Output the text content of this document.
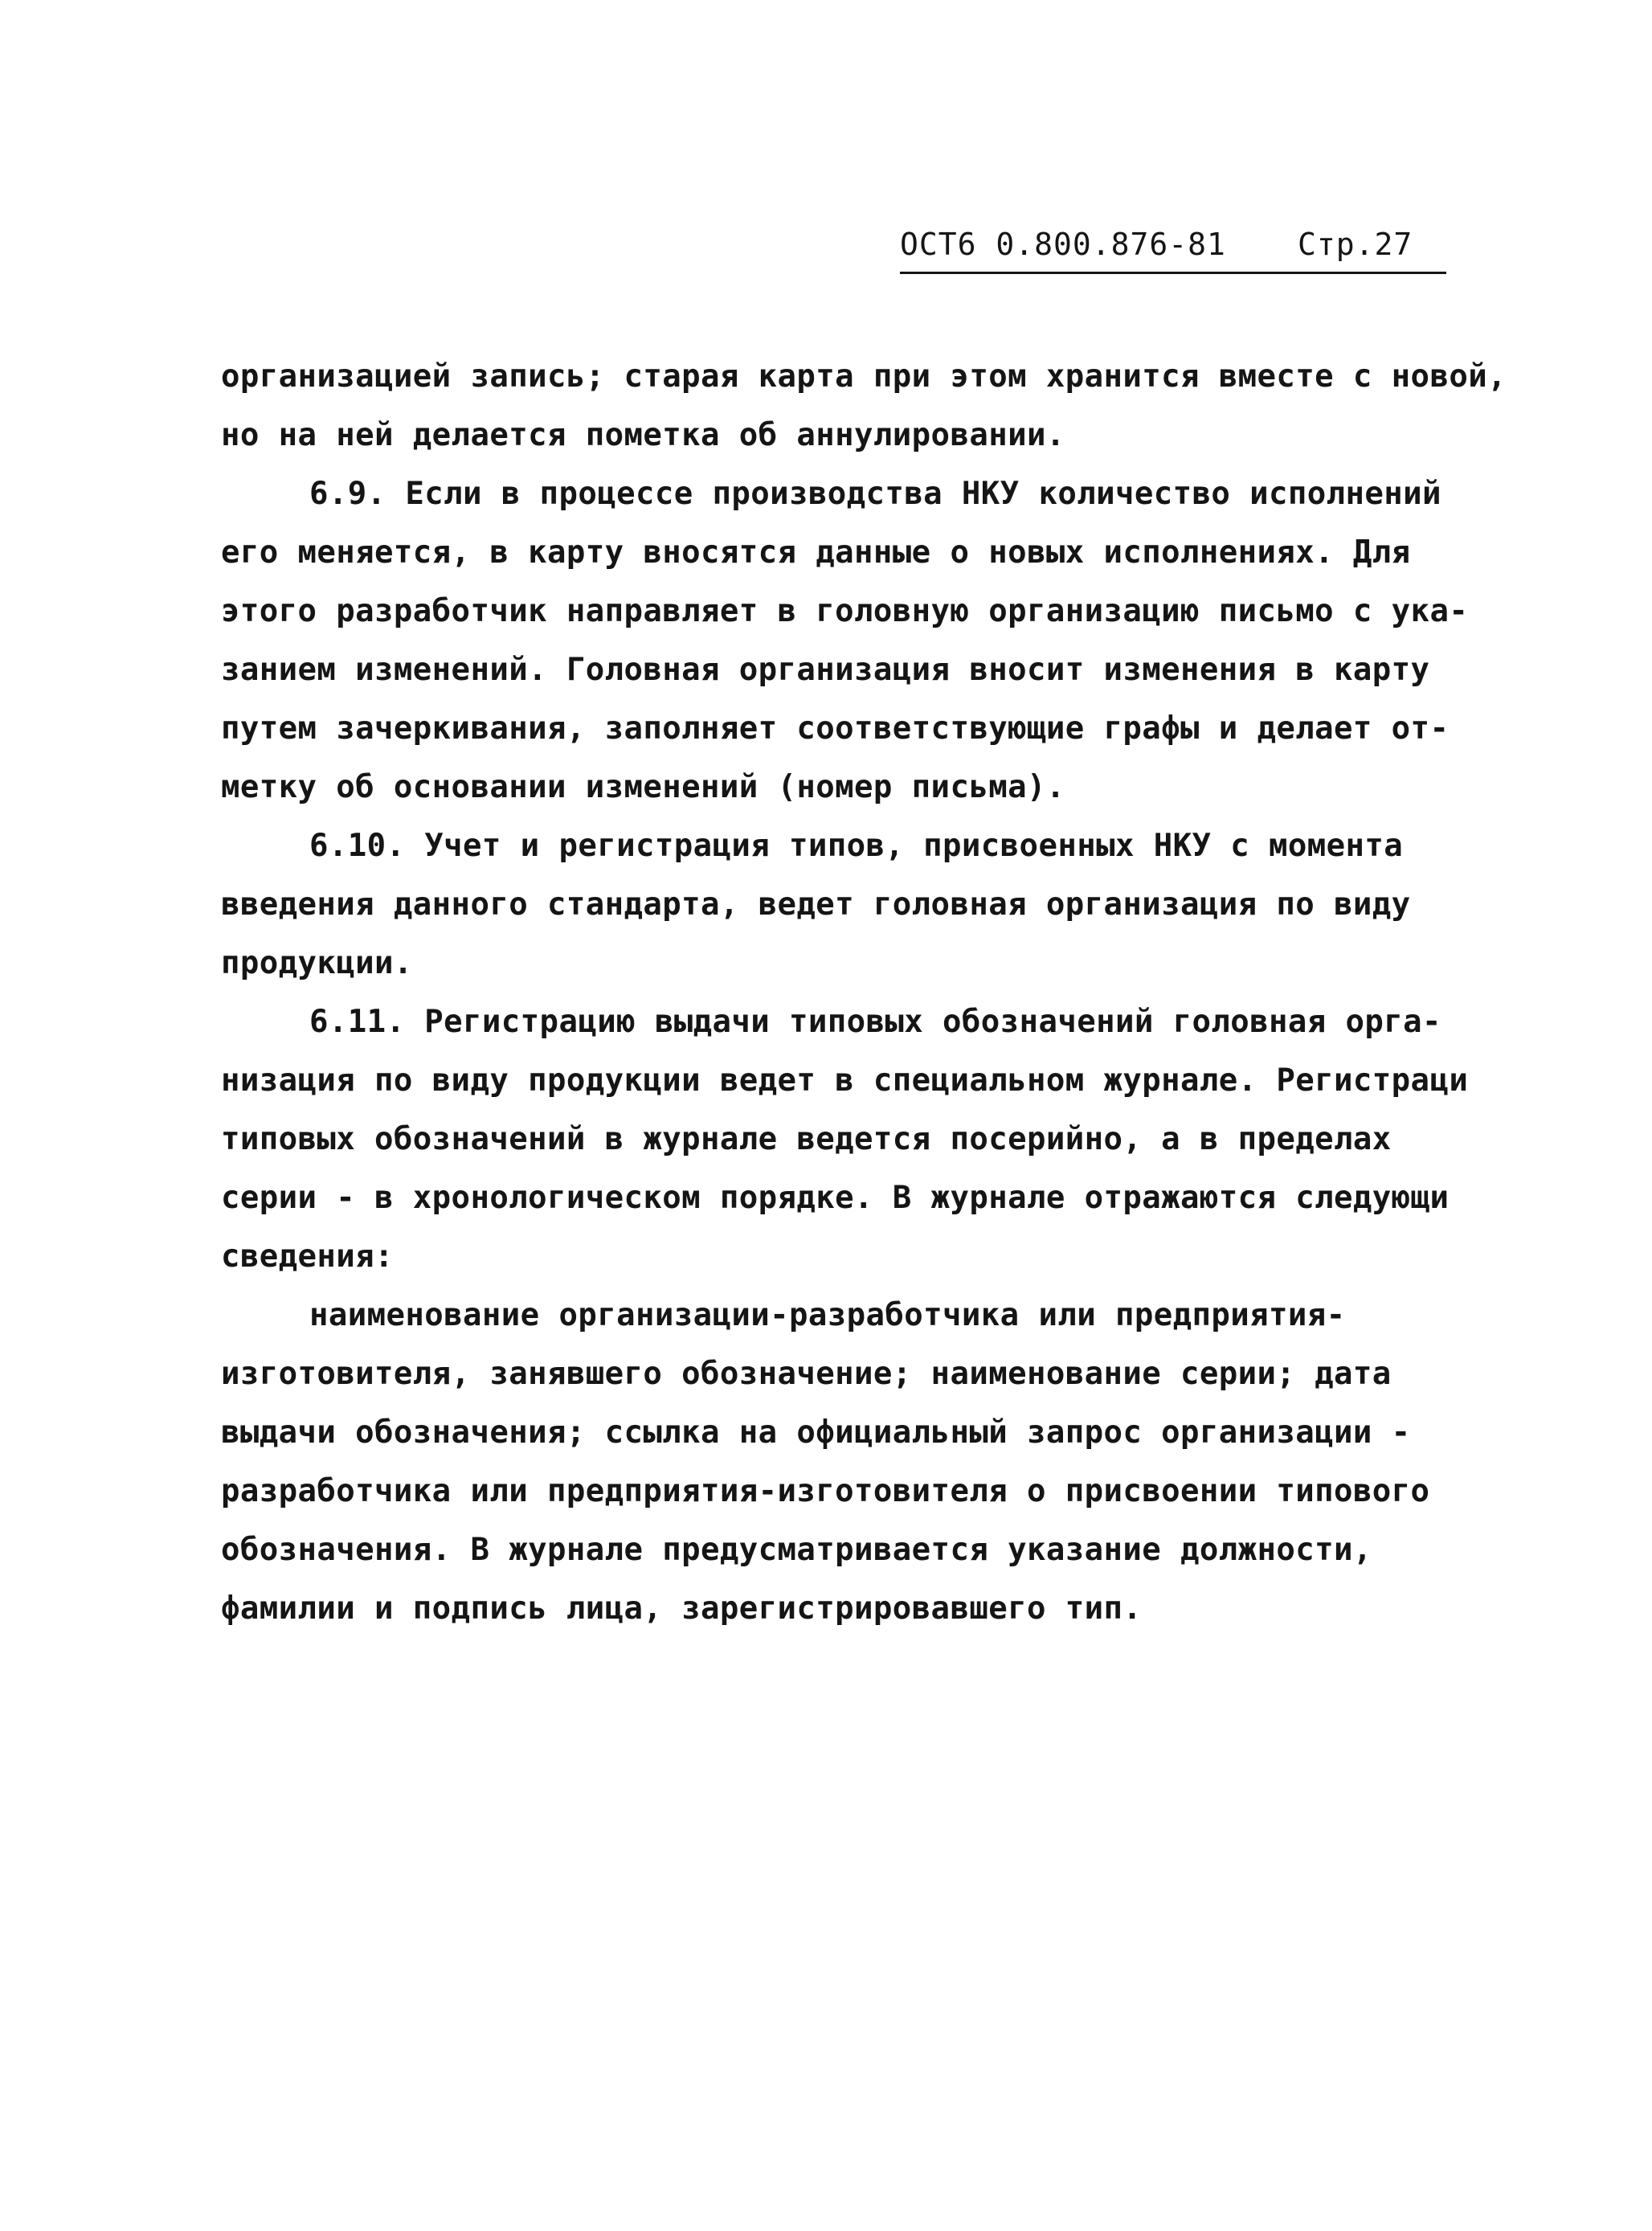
ОСТ6 0.800.876-81 Стр.27
организацией запись; старая карта при этом хранится вместе с новой,
но на ней делается пометка об аннулировании.
6.9. Если в процессе производства НКУ количество исполнений
его меняется, в карту вносятся данные о новых исполнениях. Для
этого разработчик направляет в головную организацию письмо с ука-
занием изменений. Головная организация вносит изменения в карту
путем зачеркивания, заполняет соответствующие графы и делает от-
метку об основании изменений (номер письма).
6.10. Учет и регистрация типов, присвоенных НКУ с момента
введения данного стандарта, ведет головная организация по виду
продукции.
6.11. Регистрацию выдачи типовых обозначений головная орга-
низация по виду продукции ведет в специальном журнале. Регистраци
типовых обозначений в журнале ведется посерийно, а в пределах
серии - в хронологическом порядке. В журнале отражаются следующи
сведения:
наименование организации-разработчика или предприятия-
изготовителя, занявшего обозначение; наименование серии; дата
выдачи обозначения; ссылка на официальный запрос организации -
разработчика или предприятия-изготовителя о присвоении типового
обозначения. В журнале предусматривается указание должности,
фамилии и подпись лица, зарегистрировавшего тип.
